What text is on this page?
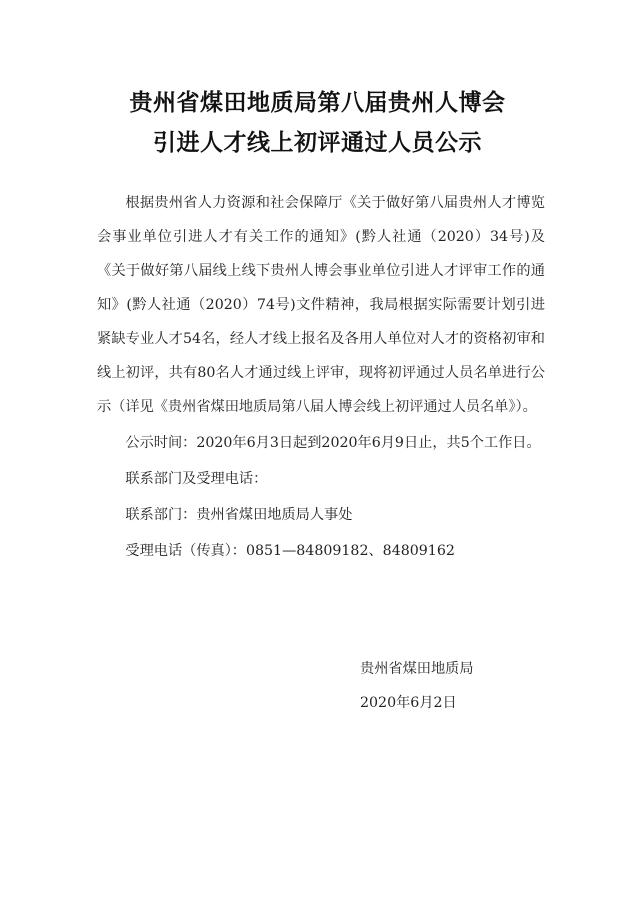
贵州省煤田地质局第八届贵州人博会
引进人才线上初评通过人员公示

根据贵州省人力资源和社会保障厅《关于做好第八届贵州人才博览会事业单位引进人才有关工作的通知》(黔人社通（2020）34号)及《关于做好第八届线上线下贵州人博会事业单位引进人才评审工作的通知》(黔人社通（2020）74号)文件精神，我局根据实际需要计划引进紧缺专业人才54名，经人才线上报名及各用人单位对人才的资格初审和线上初评，共有80名人才通过线上评审，现将初评通过人员名单进行公示（详见《贵州省煤田地质局第八届人博会线上初评通过人员名单》）。

公示时间：2020年6月3日起到2020年6月9日止，共5个工作日。

联系部门及受理电话：

联系部门：贵州省煤田地质局人事处

受理电话（传真）：0851—84809182、84809162

贵州省煤田地质局
2020年6月2日
